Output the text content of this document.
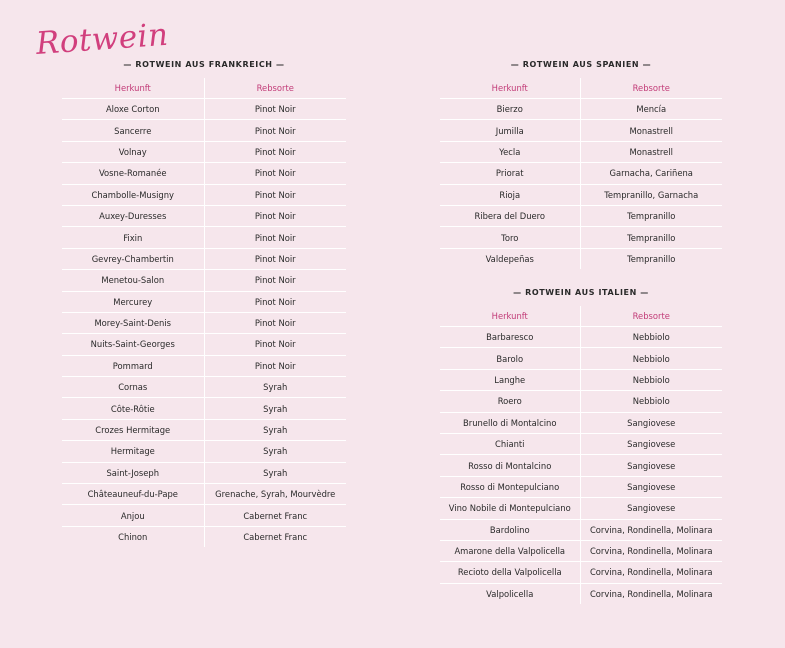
Rotwein
— ROTWEIN AUS FRANKREICH —
Herkunft	Rebsorte
Aloxe Corton	Pinot Noir
Sancerre	Pinot Noir
Volnay	Pinot Noir
Vosne-Romanée	Pinot Noir
Chambolle-Musigny	Pinot Noir
Auxey-Duresses	Pinot Noir
Fixin	Pinot Noir
Gevrey-Chambertin	Pinot Noir
Menetou-Salon	Pinot Noir
Mercurey	Pinot Noir
Morey-Saint-Denis	Pinot Noir
Nuits-Saint-Georges	Pinot Noir
Pommard	Pinot Noir
Cornas	Syrah
Côte-Rôtie	Syrah
Crozes Hermitage	Syrah
Hermitage	Syrah
Saint-Joseph	Syrah
Châteauneuf-du-Pape	Grenache, Syrah, Mourvèdre
Anjou	Cabernet Franc
Chinon	Cabernet Franc
— ROTWEIN AUS SPANIEN —
Herkunft	Rebsorte
Bierzo	Mencía
Jumilla	Monastrell
Yecla	Monastrell
Priorat	Garnacha, Cariñena
Rioja	Tempranillo, Garnacha
Ribera del Duero	Tempranillo
Toro	Tempranillo
Valdepeñas	Tempranillo
— ROTWEIN AUS ITALIEN —
Herkunft	Rebsorte
Barbaresco	Nebbiolo
Barolo	Nebbiolo
Langhe	Nebbiolo
Roero	Nebbiolo
Brunello di Montalcino	Sangiovese
Chianti	Sangiovese
Rosso di Montalcino	Sangiovese
Rosso di Montepulciano	Sangiovese
Vino Nobile di Montepulciano	Sangiovese
Bardolino	Corvina, Rondinella, Molinara
Amarone della Valpolicella	Corvina, Rondinella, Molinara
Recioto della Valpolicella	Corvina, Rondinella, Molinara
Valpolicella	Corvina, Rondinella, Molinara
